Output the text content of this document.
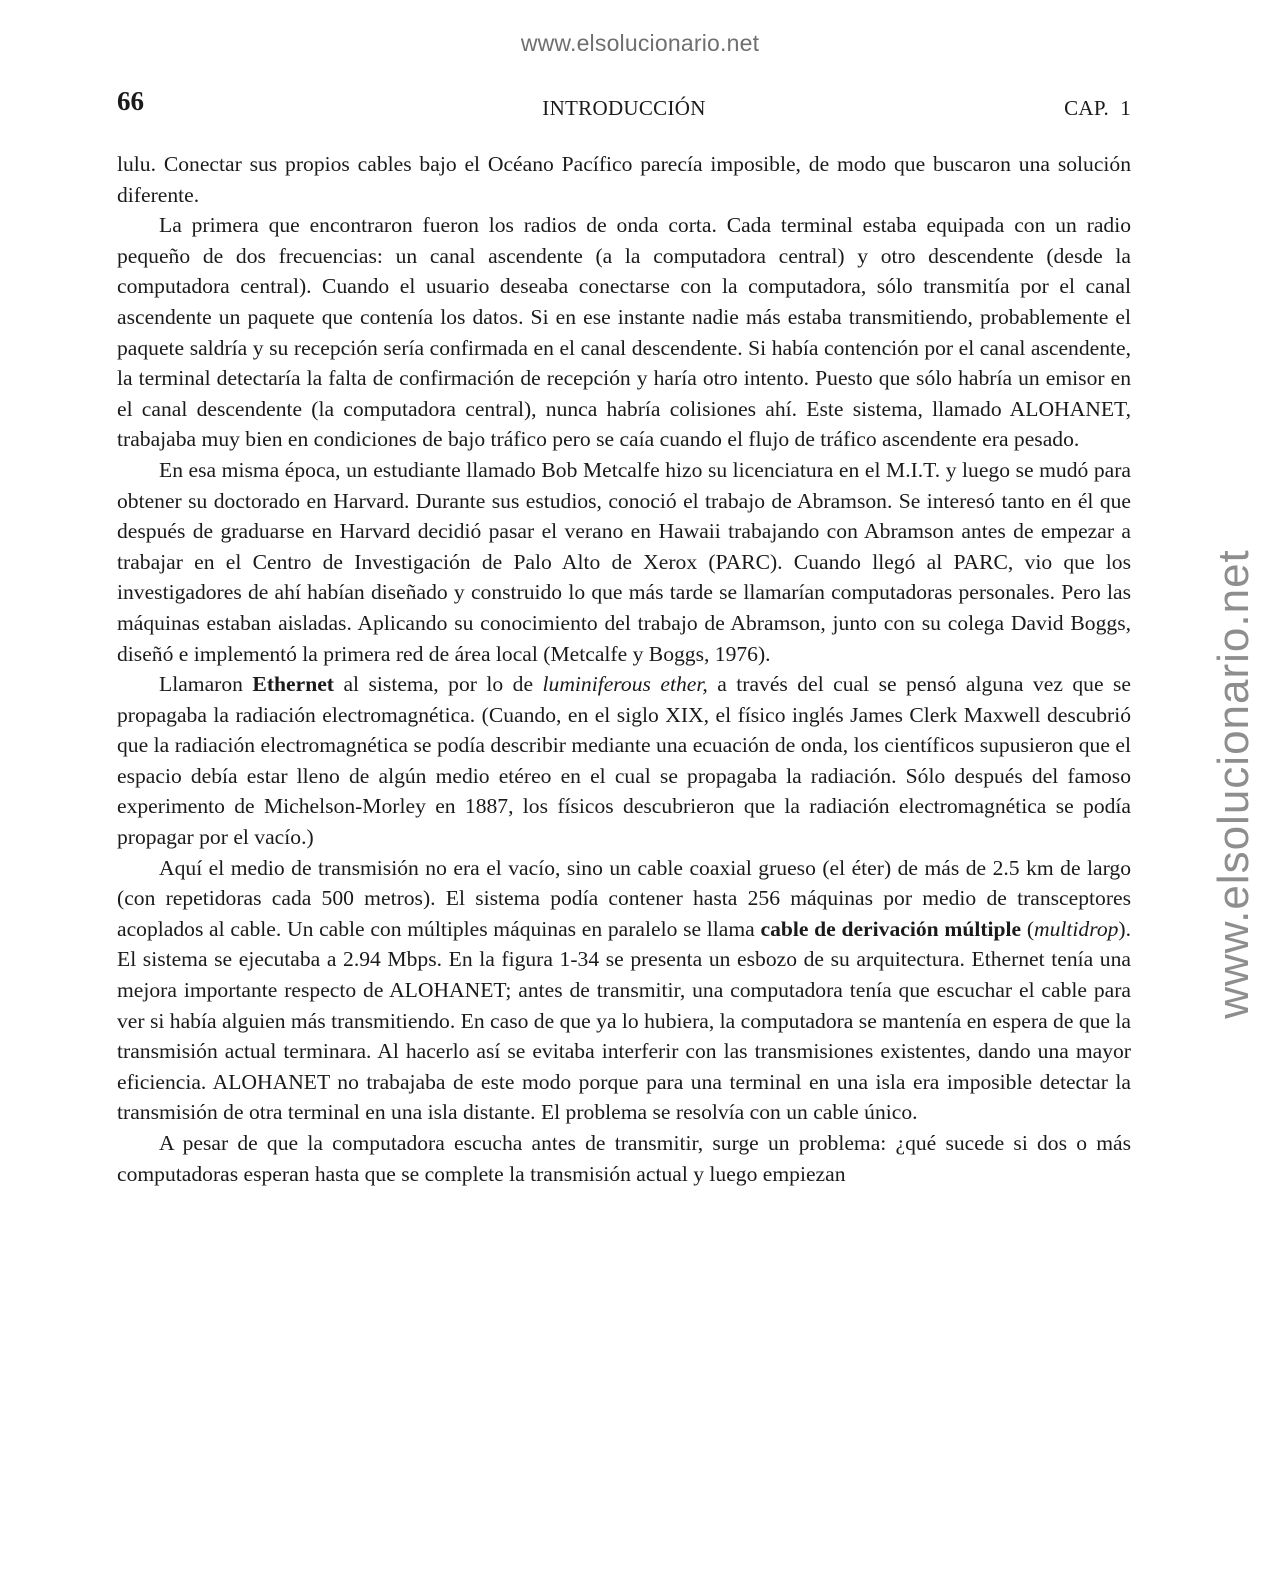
www.elsolucionario.net
www.elsolucionario.net
66	INTRODUCCIÓN	CAP.  1

lulu. Conectar sus propios cables bajo el Océano Pacífico parecía imposible, de modo que buscaron una solución diferente.

La primera que encontraron fueron los radios de onda corta. Cada terminal estaba equipada con un radio pequeño de dos frecuencias: un canal ascendente (a la computadora central) y otro descendente (desde la computadora central). Cuando el usuario deseaba conectarse con la computadora, sólo transmitía por el canal ascendente un paquete que contenía los datos. Si en ese instante nadie más estaba transmitiendo, probablemente el paquete saldría y su recepción sería confirmada en el canal descendente. Si había contención por el canal ascendente, la terminal detectaría la falta de confirmación de recepción y haría otro intento. Puesto que sólo habría un emisor en el canal descendente (la computadora central), nunca habría colisiones ahí. Este sistema, llamado ALOHANET, trabajaba muy bien en condiciones de bajo tráfico pero se caía cuando el flujo de tráfico ascendente era pesado.

En esa misma época, un estudiante llamado Bob Metcalfe hizo su licenciatura en el M.I.T. y luego se mudó para obtener su doctorado en Harvard. Durante sus estudios, conoció el trabajo de Abramson. Se interesó tanto en él que después de graduarse en Harvard decidió pasar el verano en Hawaii trabajando con Abramson antes de empezar a trabajar en el Centro de Investigación de Palo Alto de Xerox (PARC). Cuando llegó al PARC, vio que los investigadores de ahí habían diseñado y construido lo que más tarde se llamarían computadoras personales. Pero las máquinas estaban aisladas. Aplicando su conocimiento del trabajo de Abramson, junto con su colega David Boggs, diseñó e implementó la primera red de área local (Metcalfe y Boggs, 1976).

Llamaron Ethernet al sistema, por lo de luminiferous ether, a través del cual se pensó alguna vez que se propagaba la radiación electromagnética. (Cuando, en el siglo XIX, el físico inglés James Clerk Maxwell descubrió que la radiación electromagnética se podía describir mediante una ecuación de onda, los científicos supusieron que el espacio debía estar lleno de algún medio etéreo en el cual se propagaba la radiación. Sólo después del famoso experimento de Michelson-Morley en 1887, los físicos descubrieron que la radiación electromagnética se podía propagar por el vacío.)

Aquí el medio de transmisión no era el vacío, sino un cable coaxial grueso (el éter) de más de 2.5 km de largo (con repetidoras cada 500 metros). El sistema podía contener hasta 256 máquinas por medio de transceptores acoplados al cable. Un cable con múltiples máquinas en paralelo se llama cable de derivación múltiple (multidrop). El sistema se ejecutaba a 2.94 Mbps. En la figura 1-34 se presenta un esbozo de su arquitectura. Ethernet tenía una mejora importante respecto de ALOHANET; antes de transmitir, una computadora tenía que escuchar el cable para ver si había alguien más transmitiendo. En caso de que ya lo hubiera, la computadora se mantenía en espera de que la transmisión actual terminara. Al hacerlo así se evitaba interferir con las transmisiones existentes, dando una mayor eficiencia. ALOHANET no trabajaba de este modo porque para una terminal en una isla era imposible detectar la transmisión de otra terminal en una isla distante. El problema se resolvía con un cable único.

A pesar de que la computadora escucha antes de transmitir, surge un problema: ¿qué sucede si dos o más computadoras esperan hasta que se complete la transmisión actual y luego empiezan
